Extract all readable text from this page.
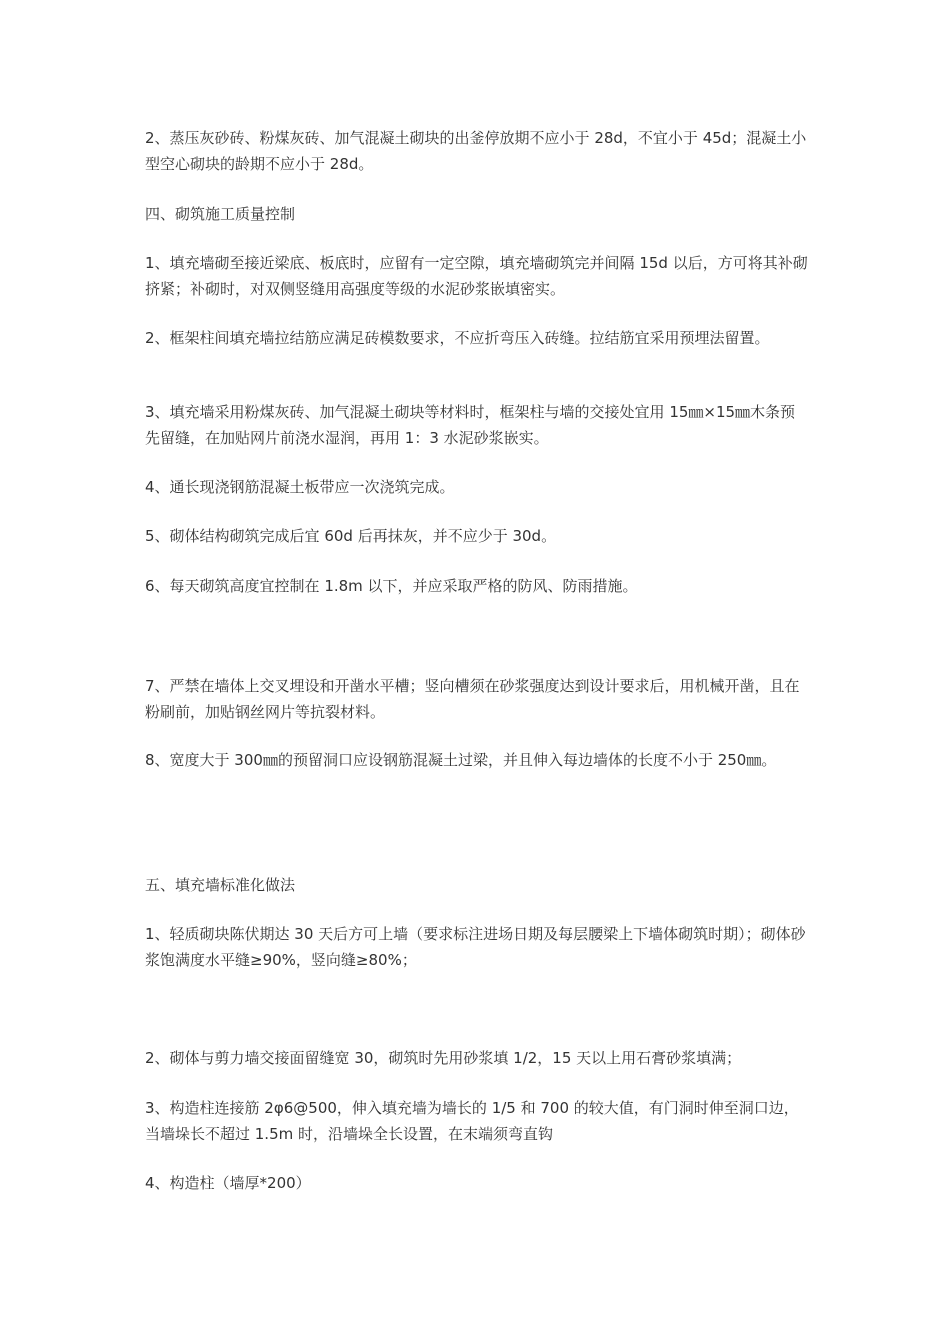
2、蒸压灰砂砖、粉煤灰砖、加气混凝土砌块的出釜停放期不应小于 28d，不宜小于 45d；混凝土小型空心砌块的龄期不应小于 28d。

四、砌筑施工质量控制

1、填充墙砌至接近梁底、板底时，应留有一定空隙，填充墙砌筑完并间隔 15d 以后，方可将其补砌挤紧；补砌时，对双侧竖缝用高强度等级的水泥砂浆嵌填密实。

2、框架柱间填充墙拉结筋应满足砖模数要求，不应折弯压入砖缝。拉结筋宜采用预埋法留置。

3、填充墙采用粉煤灰砖、加气混凝土砌块等材料时，框架柱与墙的交接处宜用 15㎜×15㎜木条预先留缝，在加贴网片前浇水湿润，再用 1：3 水泥砂浆嵌实。

4、通长现浇钢筋混凝土板带应一次浇筑完成。

5、砌体结构砌筑完成后宜 60d 后再抹灰，并不应少于 30d。

6、每天砌筑高度宜控制在 1.8m 以下，并应采取严格的防风、防雨措施。

7、严禁在墙体上交叉埋设和开凿水平槽；竖向槽须在砂浆强度达到设计要求后，用机械开凿，且在粉刷前，加贴钢丝网片等抗裂材料。

8、宽度大于 300㎜的预留洞口应设钢筋混凝土过梁，并且伸入每边墙体的长度不小于 250㎜。

五、填充墙标准化做法

1、轻质砌块陈伏期达 30 天后方可上墙（要求标注进场日期及每层腰梁上下墙体砌筑时期）；砌体砂浆饱满度水平缝≥90%，竖向缝≥80%；

2、砌体与剪力墙交接面留缝宽 30，砌筑时先用砂浆填 1/2，15 天以上用石膏砂浆填满；

3、构造柱连接筋 2φ6@500，伸入填充墙为墙长的 1/5 和 700 的较大值，有门洞时伸至洞口边，当墙垛长不超过 1.5m 时，沿墙垛全长设置，在末端须弯直钩

4、构造柱（墙厚*200）
